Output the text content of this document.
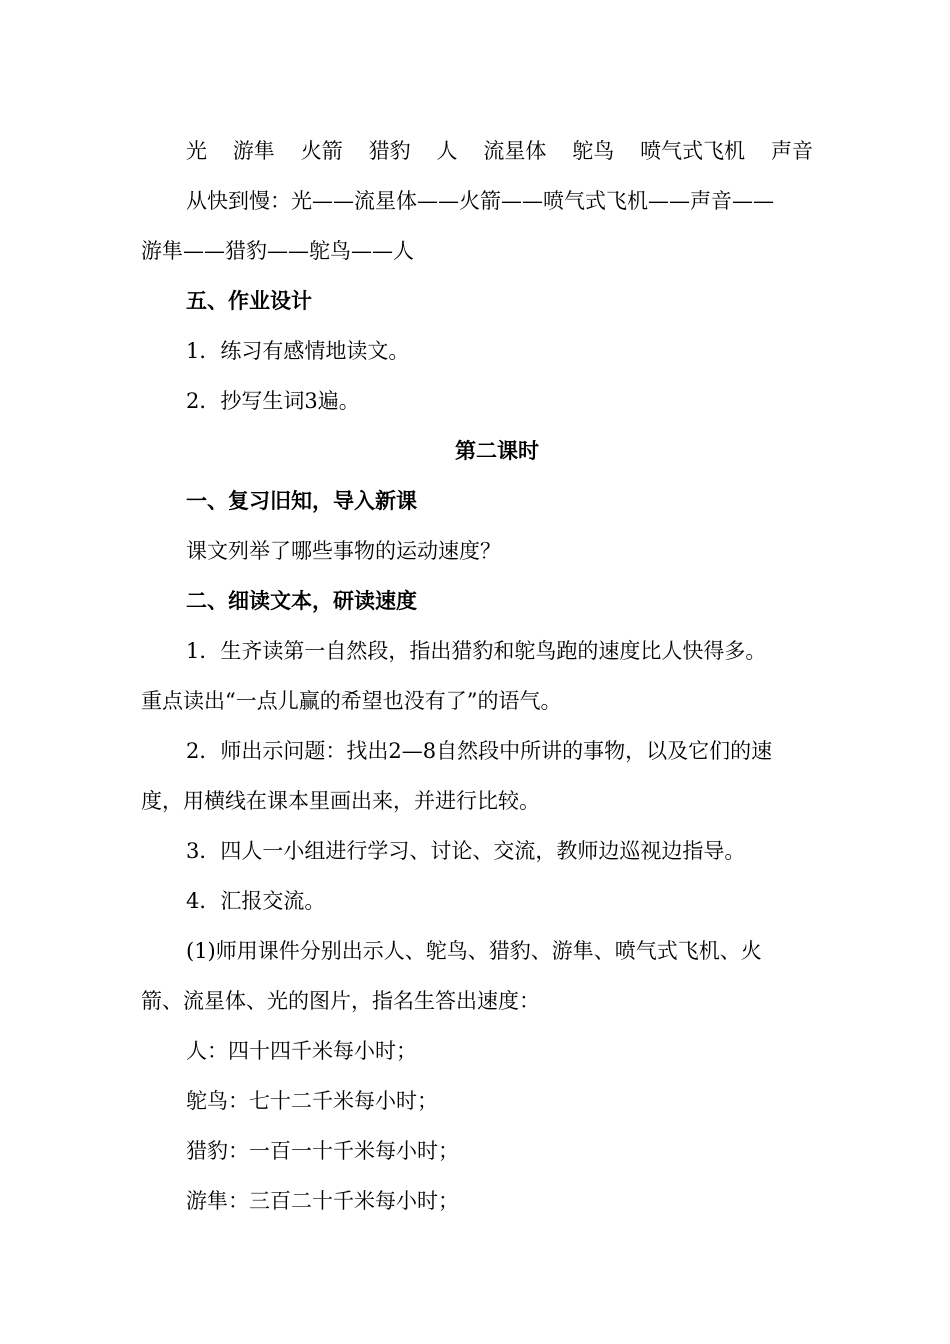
光 游隼 火箭 猎豹 人 流星体 鸵鸟 喷气式飞机 声音
从快到慢：光——流星体——火箭——喷气式飞机——声音——
游隼——猎豹——鸵鸟——人
五、作业设计
1．练习有感情地读文。
2．抄写生词3遍。
第二课时
一、复习旧知，导入新课
课文列举了哪些事物的运动速度？
二、细读文本，研读速度
1．生齐读第一自然段，指出猎豹和鸵鸟跑的速度比人快得多。
重点读出“一点儿赢的希望也没有了”的语气。
2．师出示问题：找出2—8自然段中所讲的事物，以及它们的速
度，用横线在课本里画出来，并进行比较。
3．四人一小组进行学习、讨论、交流，教师边巡视边指导。
4．汇报交流。
(1)师用课件分别出示人、鸵鸟、猎豹、游隼、喷气式飞机、火
箭、流星体、光的图片，指名生答出速度：
人：四十四千米每小时；
鸵鸟：七十二千米每小时；
猎豹：一百一十千米每小时；
游隼：三百二十千米每小时；
